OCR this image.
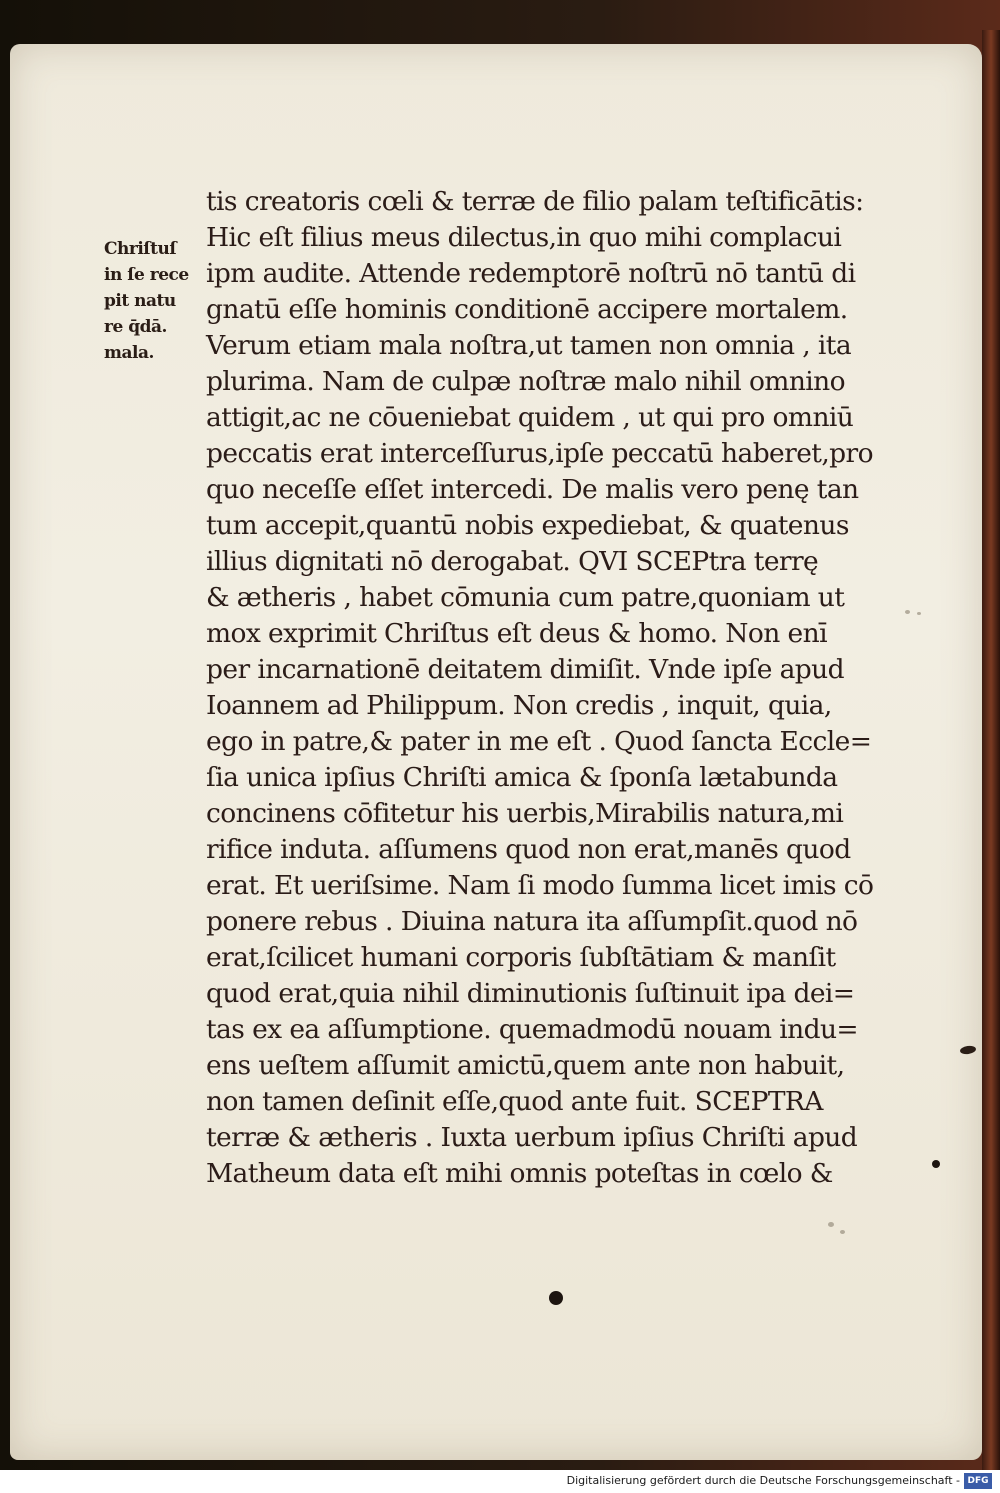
Chriſtuſ
in ſe rece
pit natu
re q̄dā.
mala.
tis creatoris cœli & terræ de filio palam teſtificātis:
Hic eſt filius meus dilectus,in quo mihi complacui
ipm audite. Attende redemptorē noſtrū nō tantū di
gnatū eſſe hominis conditionē accipere mortalem.
Verum etiam mala noſtra,ut tamen non omnia , ita
plurima. Nam de culpæ noſtræ malo nihil omnino
attigit,ac ne cōueniebat quidem , ut qui pro omniū
peccatis erat interceſſurus,ipſe peccatū haberet,pro
quo neceſſe eſſet intercedi. De malis vero penę tan
tum accepit,quantū nobis expediebat, & quatenus
illius dignitati nō derogabat. QVI SCEPtra terrę
& ætheris , habet cōmunia cum patre,quoniam ut
mox exprimit Chriſtus eſt deus & homo. Non enī
per incarnationē deitatem dimiſit. Vnde ipſe apud
Ioannem ad Philippum. Non credis , inquit, quia,
ego in patre,& pater in me eſt . Quod ſancta Eccle=
ſia unica ipſius Chriſti amica & ſponſa lætabunda
concinens cōfitetur his uerbis,Mirabilis natura,mi
rifice induta. aſſumens quod non erat,manēs quod
erat. Et ueriſsime. Nam ſi modo ſumma licet imis cō
ponere rebus . Diuina natura ita aſſumpſit.quod nō
erat,ſcilicet humani corporis ſubſtātiam & manſit
quod erat,quia nihil diminutionis ſuſtinuit ipa dei=
tas ex ea aſſumptione. quemadmodū nouam indu=
ens ueſtem aſſumit amictū,quem ante non habuit,
non tamen deſinit eſſe,quod ante fuit. SCEPTRA
terræ & ætheris . Iuxta uerbum ipſius Chriſti apud
Matheum data eſt mihi omnis poteſtas in cœlo &
Digitalisierung gefördert durch die Deutsche Forschungsgemeinschaft - DFG
